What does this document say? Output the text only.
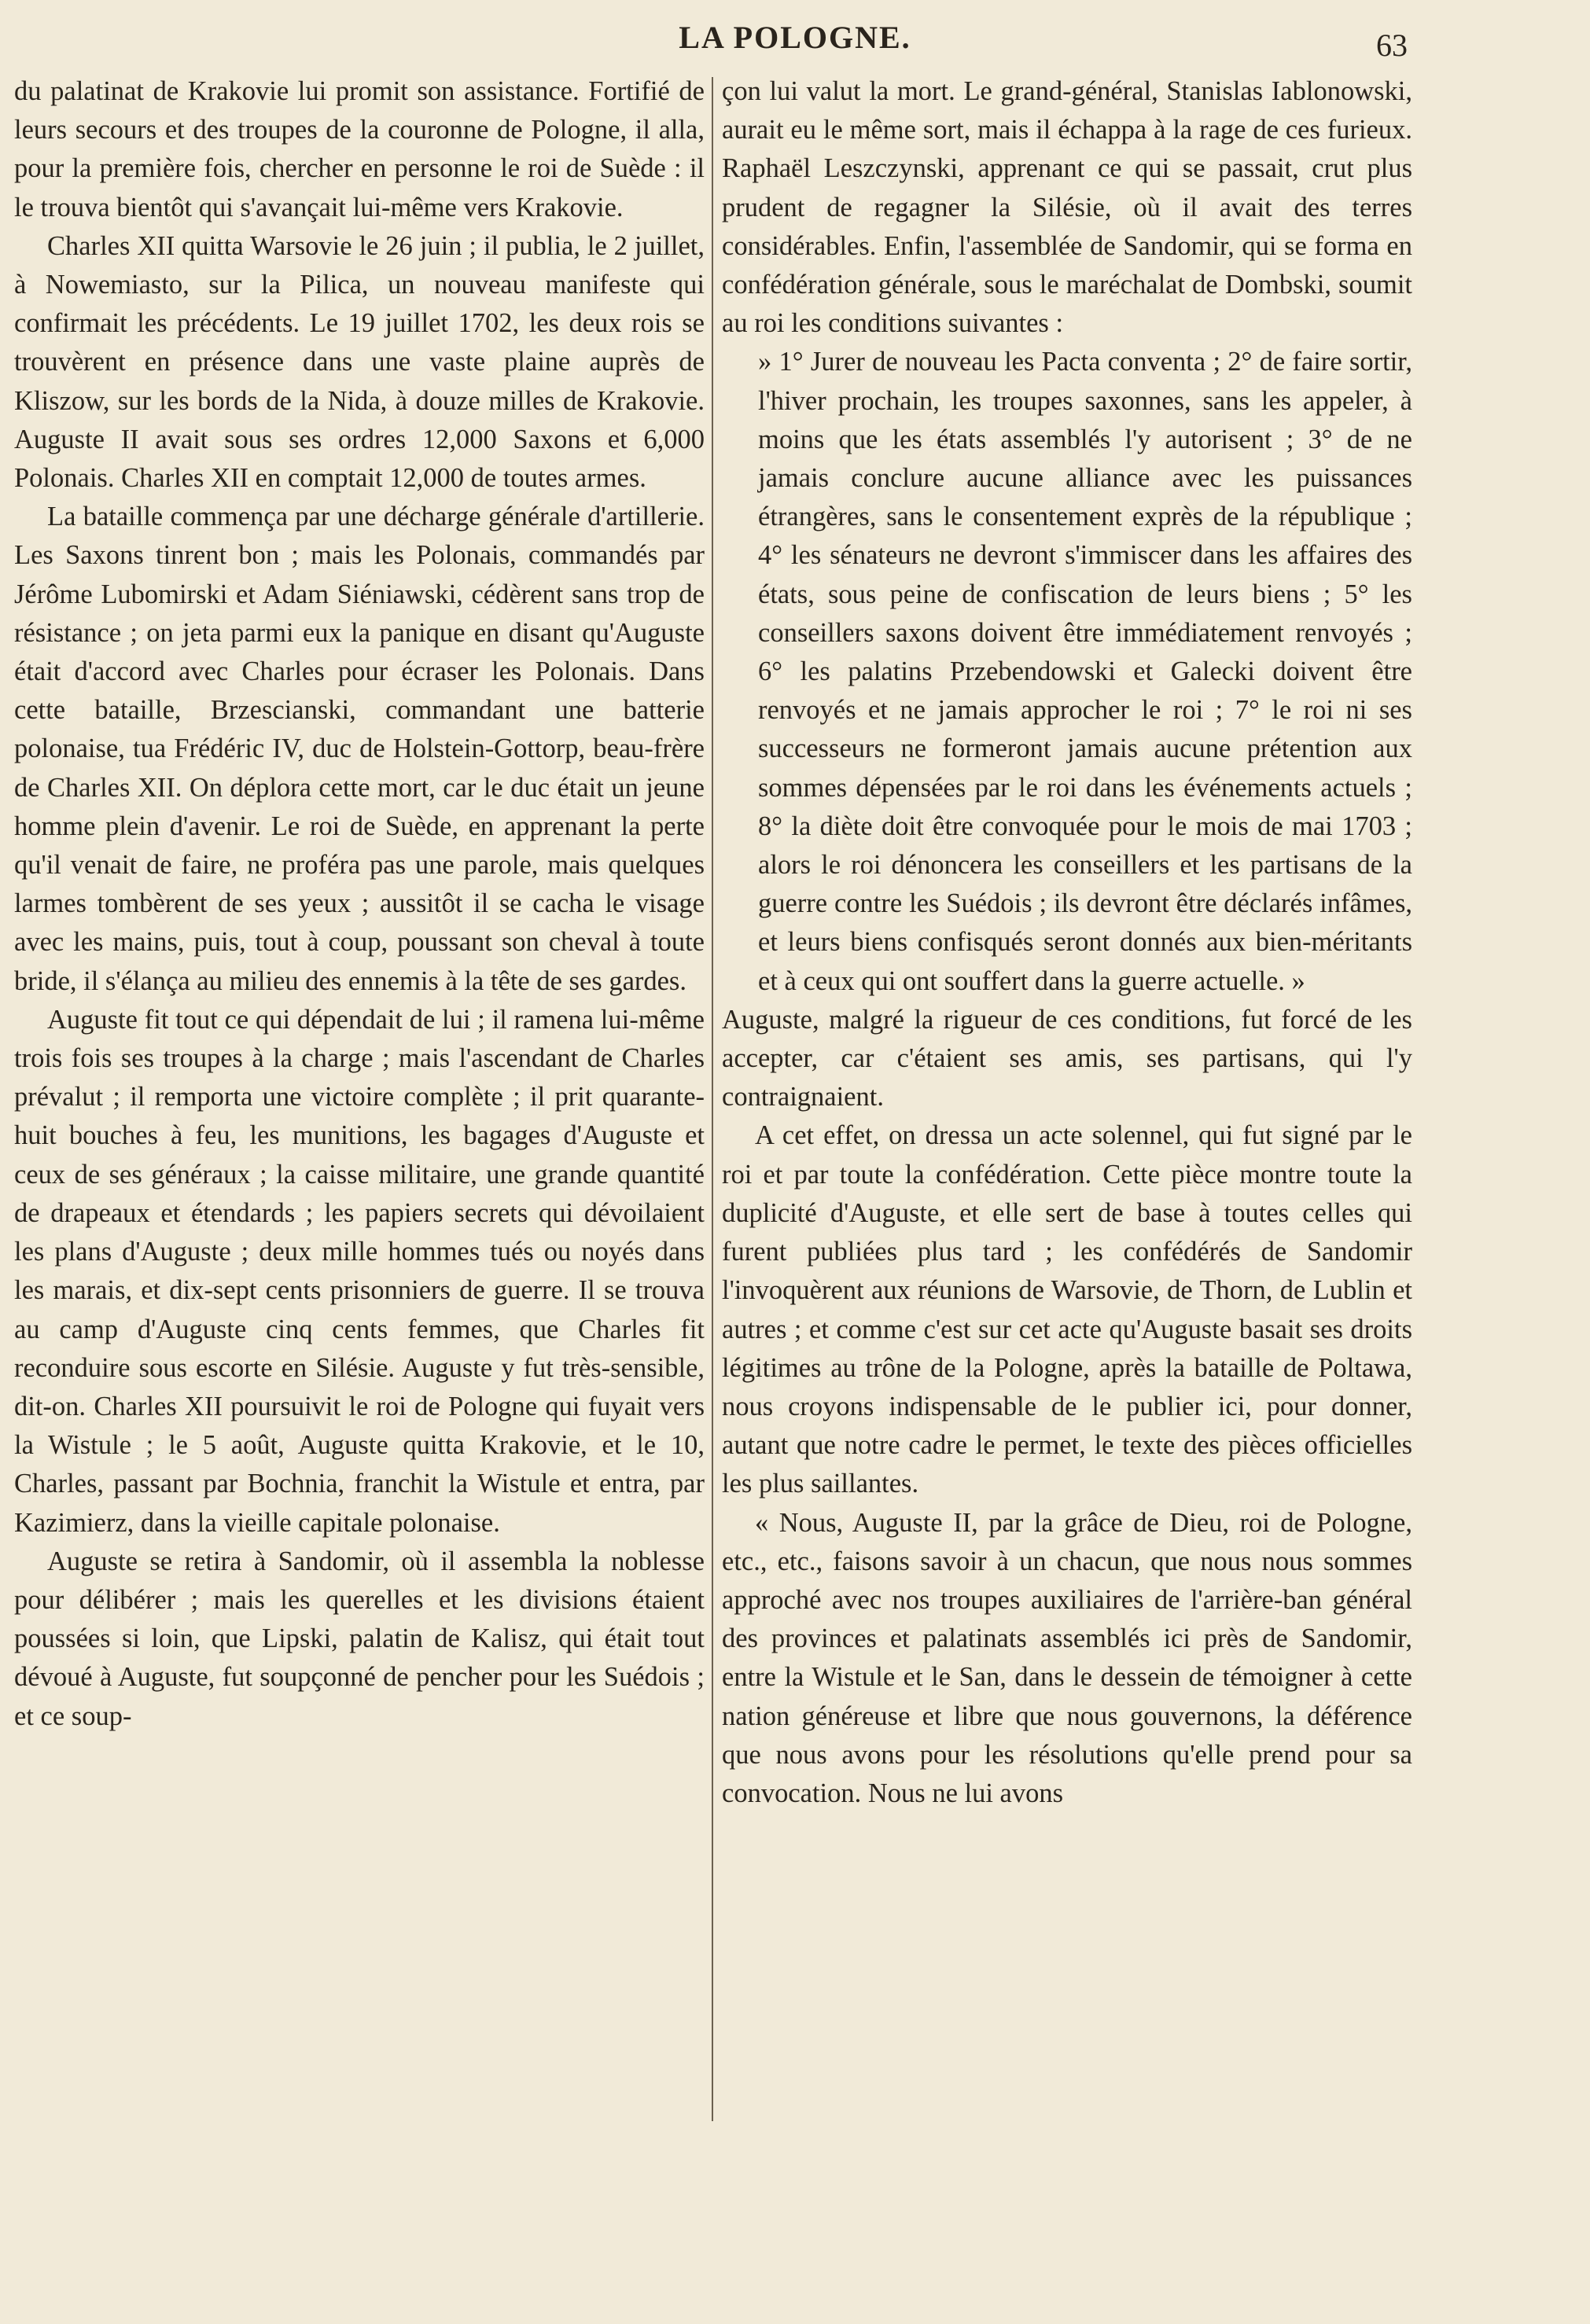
LA POLOGNE.	63

du palatinat de Krakovie lui promit son assistance. Fortifié de leurs secours et des troupes de la couronne de Pologne, il alla, pour la première fois, chercher en personne le roi de Suède : il le trouva bientôt qui s'avançait lui-même vers Krakovie.

Charles XII quitta Warsovie le 26 juin ; il publia, le 2 juillet, à Nowemiasto, sur la Pilica, un nouveau manifeste qui confirmait les précédents. Le 19 juillet 1702, les deux rois se trouvèrent en présence dans une vaste plaine auprès de Kliszow, sur les bords de la Nida, à douze milles de Krakovie. Auguste II avait sous ses ordres 12,000 Saxons et 6,000 Polonais. Charles XII en comptait 12,000 de toutes armes.

La bataille commença par une décharge générale d'artillerie. Les Saxons tinrent bon ; mais les Polonais, commandés par Jérôme Lubomirski et Adam Siéniawski, cédèrent sans trop de résistance ; on jeta parmi eux la panique en disant qu'Auguste était d'accord avec Charles pour écraser les Polonais. Dans cette bataille, Brzescianski, commandant une batterie polonaise, tua Frédéric IV, duc de Holstein-Gottorp, beau-frère de Charles XII. On déplora cette mort, car le duc était un jeune homme plein d'avenir. Le roi de Suède, en apprenant la perte qu'il venait de faire, ne proféra pas une parole, mais quelques larmes tombèrent de ses yeux ; aussitôt il se cacha le visage avec les mains, puis, tout à coup, poussant son cheval à toute bride, il s'élança au milieu des ennemis à la tête de ses gardes.

Auguste fit tout ce qui dépendait de lui ; il ramena lui-même trois fois ses troupes à la charge ; mais l'ascendant de Charles prévalut ; il remporta une victoire complète ; il prit quarante-huit bouches à feu, les munitions, les bagages d'Auguste et ceux de ses généraux ; la caisse militaire, une grande quantité de drapeaux et étendards ; les papiers secrets qui dévoilaient les plans d'Auguste ; deux mille hommes tués ou noyés dans les marais, et dix-sept cents prisonniers de guerre. Il se trouva au camp d'Auguste cinq cents femmes, que Charles fit reconduire sous escorte en Silésie. Auguste y fut très-sensible, dit-on. Charles XII poursuivit le roi de Pologne qui fuyait vers la Wistule ; le 5 août, Auguste quitta Krakovie, et le 10, Charles, passant par Bochnia, franchit la Wistule et entra, par Kazimierz, dans la vieille capitale polonaise.

Auguste se retira à Sandomir, où il assembla la noblesse pour délibérer ; mais les querelles et les divisions étaient poussées si loin, que Lipski, palatin de Kalisz, qui était tout dévoué à Auguste, fut soupçonné de pencher pour les Suédois ; et ce soup-

çon lui valut la mort. Le grand-général, Stanislas Iablonowski, aurait eu le même sort, mais il échappa à la rage de ces furieux. Raphaël Leszczynski, apprenant ce qui se passait, crut plus prudent de regagner la Silésie, où il avait des terres considérables. Enfin, l'assemblée de Sandomir, qui se forma en confédération générale, sous le maréchalat de Dombski, soumit au roi les conditions suivantes :

» 1° Jurer de nouveau les Pacta conventa ; 2° de faire sortir, l'hiver prochain, les troupes saxonnes, sans les appeler, à moins que les états assemblés l'y autorisent ; 3° de ne jamais conclure aucune alliance avec les puissances étrangères, sans le consentement exprès de la république ; 4° les sénateurs ne devront s'immiscer dans les affaires des états, sous peine de confiscation de leurs biens ; 5° les conseillers saxons doivent être immédiatement renvoyés ; 6° les palatins Przebendowski et Galecki doivent être renvoyés et ne jamais approcher le roi ; 7° le roi ni ses successeurs ne formeront jamais aucune prétention aux sommes dépensées par le roi dans les événements actuels ; 8° la diète doit être convoquée pour le mois de mai 1703 ; alors le roi dénoncera les conseillers et les partisans de la guerre contre les Suédois ; ils devront être déclarés infâmes, et leurs biens confisqués seront donnés aux bien-méritants et à ceux qui ont souffert dans la guerre actuelle. »

Auguste, malgré la rigueur de ces conditions, fut forcé de les accepter, car c'étaient ses amis, ses partisans, qui l'y contraignaient.

A cet effet, on dressa un acte solennel, qui fut signé par le roi et par toute la confédération. Cette pièce montre toute la duplicité d'Auguste, et elle sert de base à toutes celles qui furent publiées plus tard ; les confédérés de Sandomir l'invoquèrent aux réunions de Warsovie, de Thorn, de Lublin et autres ; et comme c'est sur cet acte qu'Auguste basait ses droits légitimes au trône de la Pologne, après la bataille de Poltawa, nous croyons indispensable de le publier ici, pour donner, autant que notre cadre le permet, le texte des pièces officielles les plus saillantes.

« Nous, Auguste II, par la grâce de Dieu, roi de Pologne, etc., etc., faisons savoir à un chacun, que nous nous sommes approché avec nos troupes auxiliaires de l'arrière-ban général des provinces et palatinats assemblés ici près de Sandomir, entre la Wistule et le San, dans le dessein de témoigner à cette nation généreuse et libre que nous gouvernons, la déférence que nous avons pour les résolutions qu'elle prend pour sa convocation. Nous ne lui avons
